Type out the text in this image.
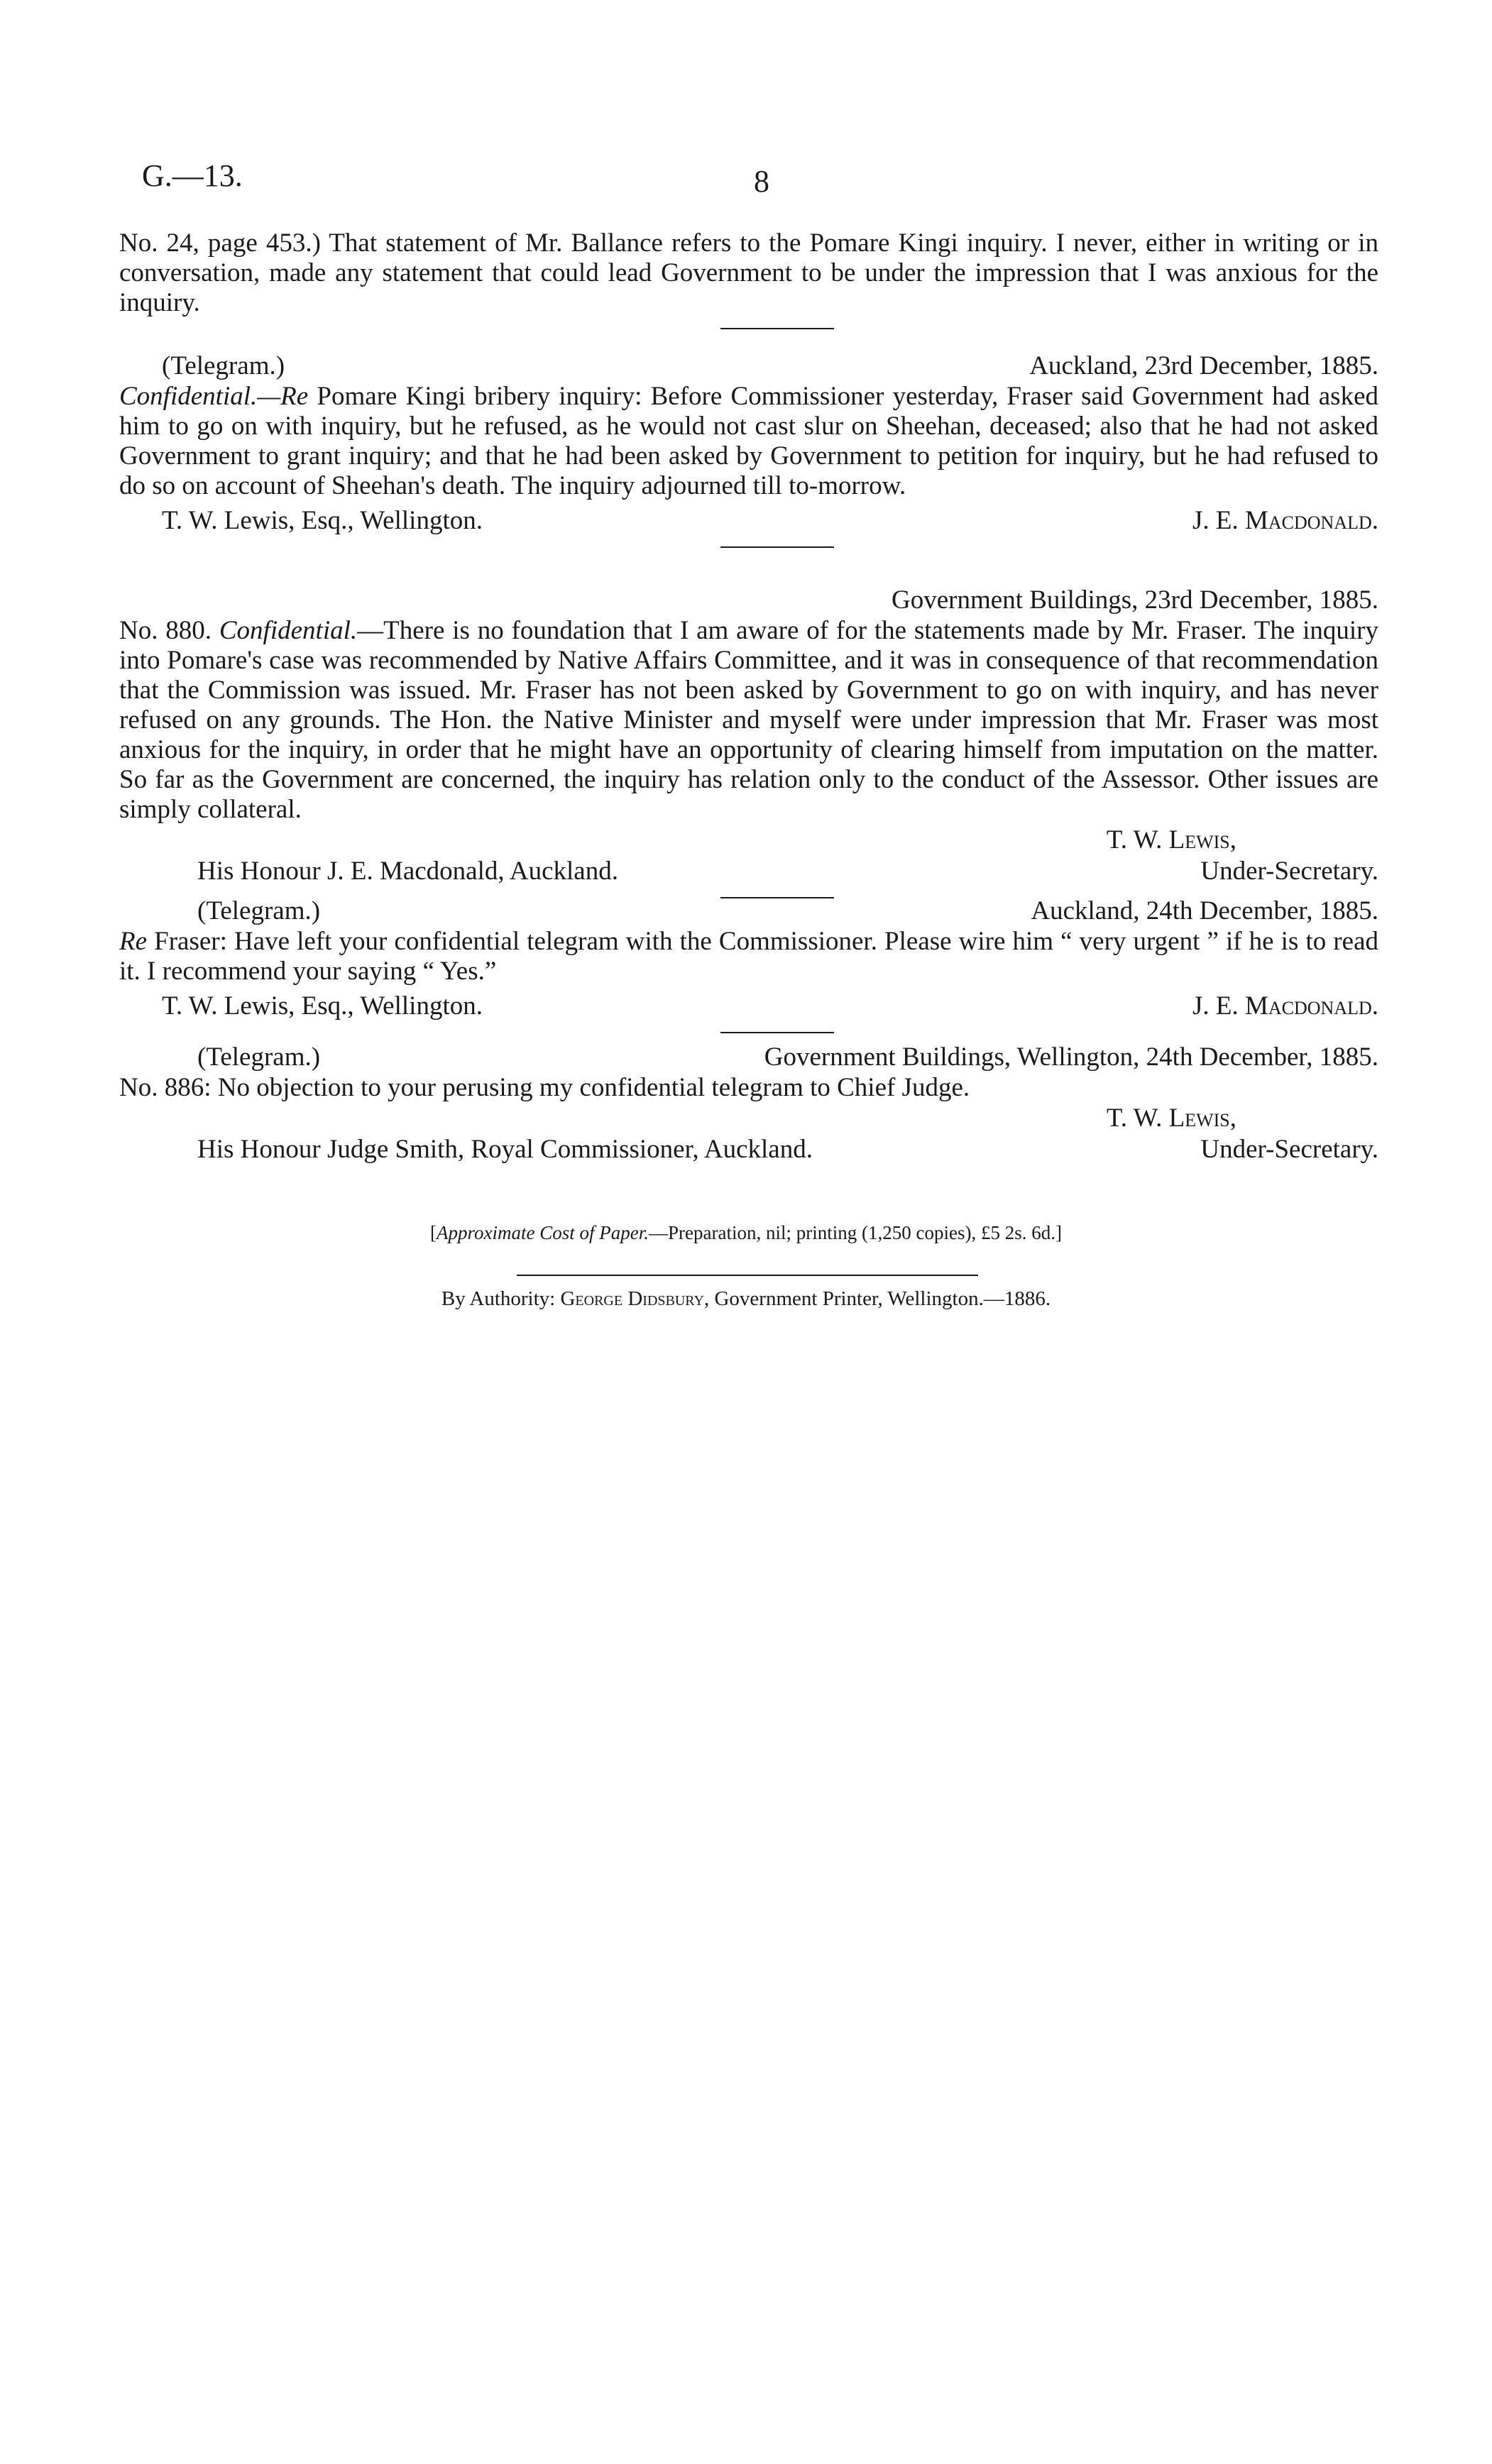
G.—13.	8

No. 24, page 453.) That statement of Mr. Ballance refers to the Pomare Kingi inquiry. I never, either in writing or in conversation, made any statement that could lead Government to be under the impression that I was anxious for the inquiry.

(Telegram.)	Auckland, 23rd December, 1885.

Confidential.—Re Pomare Kingi bribery inquiry: Before Commissioner yesterday, Fraser said Government had asked him to go on with inquiry, but he refused, as he would not cast slur on Sheehan, deceased; also that he had not asked Government to grant inquiry; and that he had been asked by Government to petition for inquiry, but he had refused to do so on account of Sheehan's death. The inquiry adjourned till to-morrow.

T. W. Lewis, Esq., Wellington.	J. E. Macdonald.
Government Buildings, 23rd December, 1885.

No. 880. Confidential.—There is no foundation that I am aware of for the statements made by Mr. Fraser. The inquiry into Pomare's case was recommended by Native Affairs Committee, and it was in consequence of that recommendation that the Commission was issued. Mr. Fraser has not been asked by Government to go on with inquiry, and has never refused on any grounds. The Hon. the Native Minister and myself were under impression that Mr. Fraser was most anxious for the inquiry, in order that he might have an opportunity of clearing himself from imputation on the matter. So far as the Government are concerned, the inquiry has relation only to the conduct of the Assessor. Other issues are simply collateral.

T. W. Lewis,
His Honour J. E. Macdonald, Auckland.	Under-Secretary.
(Telegram.)	Auckland, 24th December, 1885.

Re Fraser: Have left your confidential telegram with the Commissioner. Please wire him “ very urgent ” if he is to read it. I recommend your saying “ Yes.”

T. W. Lewis, Esq., Wellington.	J. E. Macdonald.
(Telegram.)	Government Buildings, Wellington, 24th December, 1885.

No. 886: No objection to your perusing my confidential telegram to Chief Judge.

T. W. Lewis,
His Honour Judge Smith, Royal Commissioner, Auckland.	Under-Secretary.
[Approximate Cost of Paper.—Preparation, nil; printing (1,250 copies), £5 2s. 6d.]
By Authority: George Didsbury, Government Printer, Wellington.—1886.
